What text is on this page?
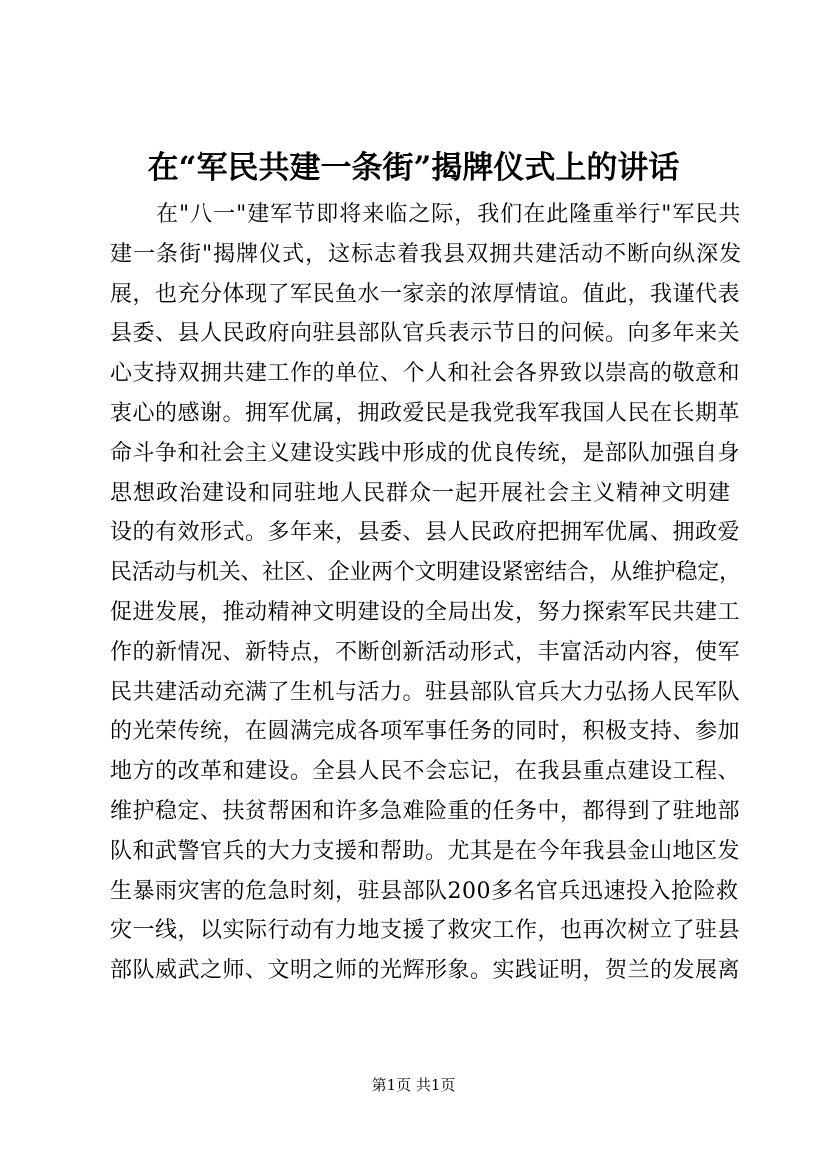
在“军民共建一条街”揭牌仪式上的讲话
在"八一"建军节即将来临之际，我们在此隆重举行"军民共
建一条街"揭牌仪式，这标志着我县双拥共建活动不断向纵深发
展，也充分体现了军民鱼水一家亲的浓厚情谊。值此，我谨代表
县委、县人民政府向驻县部队官兵表示节日的问候。向多年来关
心支持双拥共建工作的单位、个人和社会各界致以崇高的敬意和
衷心的感谢。拥军优属，拥政爱民是我党我军我国人民在长期革
命斗争和社会主义建设实践中形成的优良传统，是部队加强自身
思想政治建设和同驻地人民群众一起开展社会主义精神文明建
设的有效形式。多年来，县委、县人民政府把拥军优属、拥政爱
民活动与机关、社区、企业两个文明建设紧密结合，从维护稳定，
促进发展，推动精神文明建设的全局出发，努力探索军民共建工
作的新情况、新特点，不断创新活动形式，丰富活动内容，使军
民共建活动充满了生机与活力。驻县部队官兵大力弘扬人民军队
的光荣传统，在圆满完成各项军事任务的同时，积极支持、参加
地方的改革和建设。全县人民不会忘记，在我县重点建设工程、
维护稳定、扶贫帮困和许多急难险重的任务中，都得到了驻地部
队和武警官兵的大力支援和帮助。尤其是在今年我县金山地区发
生暴雨灾害的危急时刻，驻县部队200多名官兵迅速投入抢险救
灾一线，以实际行动有力地支援了救灾工作，也再次树立了驻县
部队威武之师、文明之师的光辉形象。实践证明，贺兰的发展离
第1页 共1页
